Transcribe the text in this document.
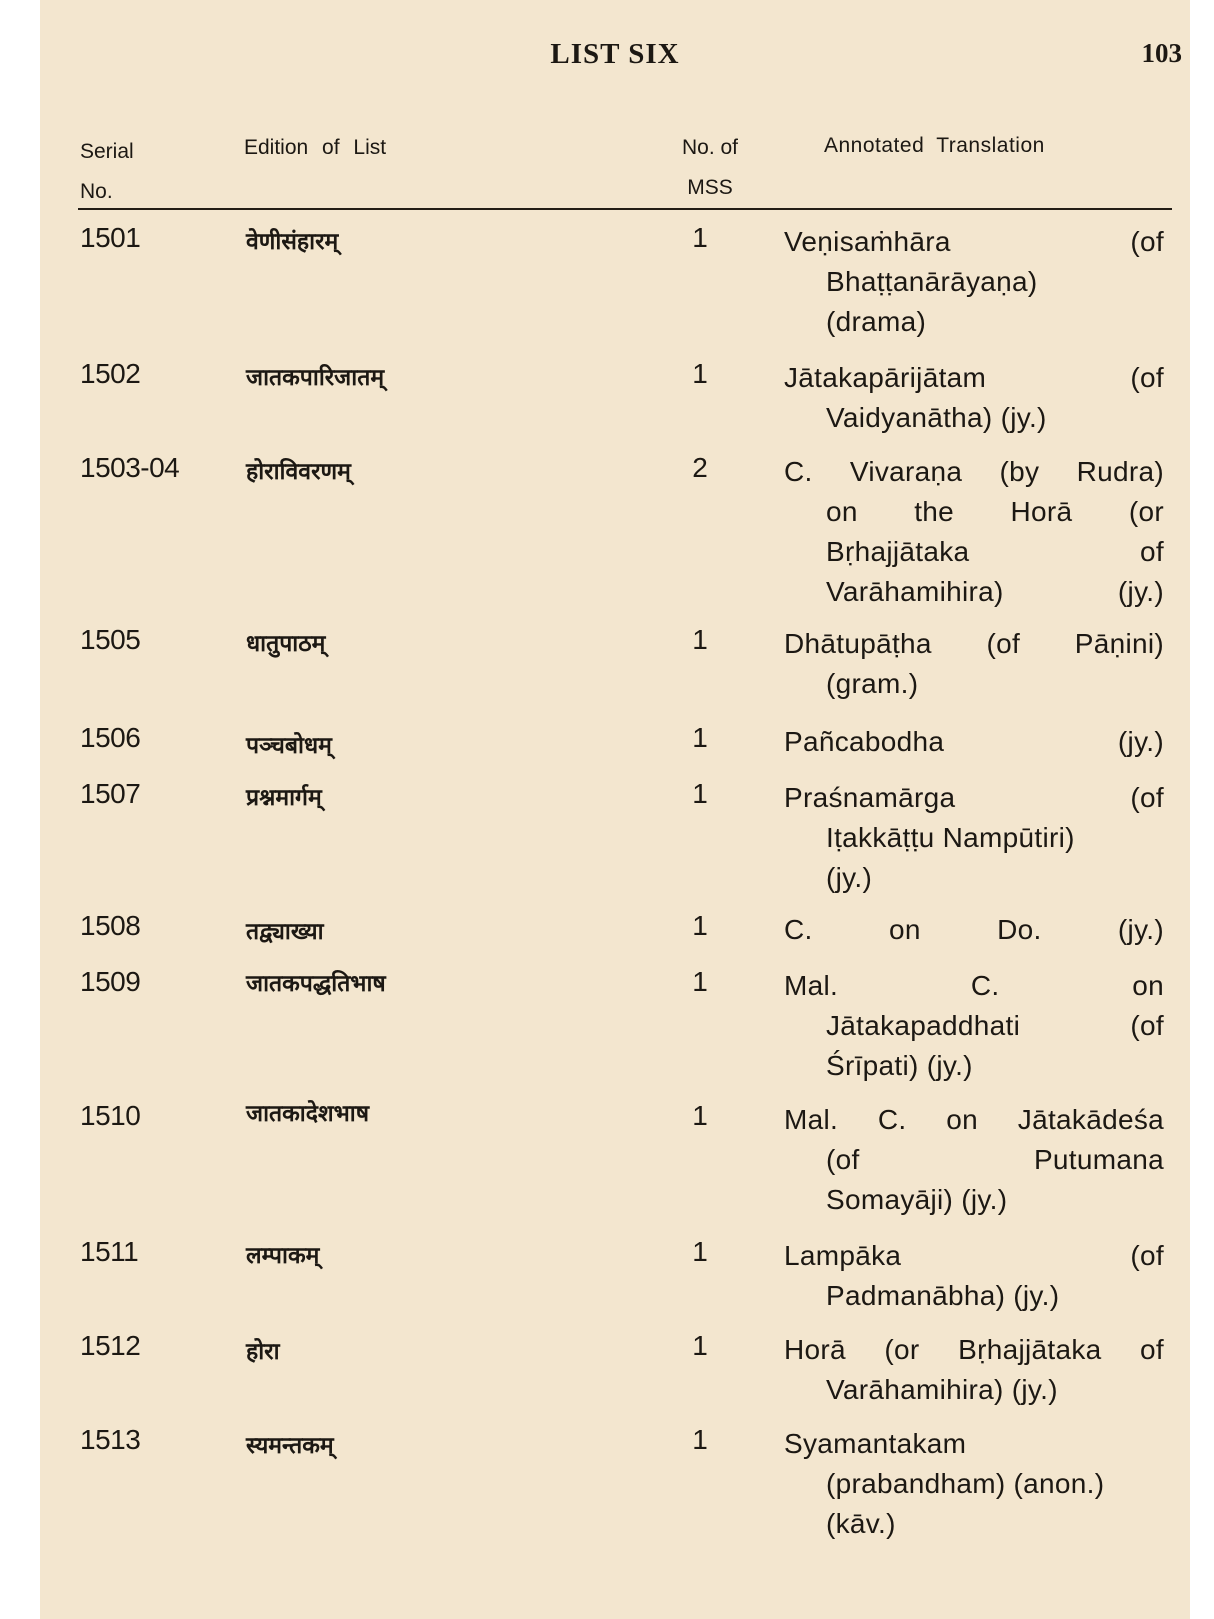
LIST SIX	103
Serial
No.
Edition of List	No. of
MSS
Annotated Translation
1501	वेणीसंहारम्	1	Veṇisaṁhāra (of
Bhaṭṭanārāyaṇa)
(drama)
1502	जातकपारिजातम्	1	Jātakapārijātam (of
Vaidyanātha) (jy.)
1503-04	होराविवरणम्	2	C. Vivaraṇa (by Rudra)
on the Horā (or
Bṛhajjātaka of
Varāhamihira) (jy.)
1505	धातुपाठम्	1	Dhātupāṭha (of Pāṇini)
(gram.)
1506	पञ्चबोधम्	1	Pañcabodha (jy.)
1507	प्रश्नमार्गम्	1	Praśnamārga (of
Iṭakkāṭṭu Nampūtiri)
(jy.)
1508	तद्व्याख्या	1	C. on Do. (jy.)
1509	जातकपद्धतिभाष	1	Mal. C. on
Jātakapaddhati (of
Śrīpati) (jy.)
1510	जातकादेशभाष	1	Mal. C. on Jātakādeśa
(of Putumana
Somayāji) (jy.)
1511	लम्पाकम्	1	Lampāka (of
Padmanābha) (jy.)
1512	होरा	1	Horā (or Bṛhajjātaka of
Varāhamihira) (jy.)
1513	स्यमन्तकम्	1	Syamantakam
(prabandham) (anon.)
(kāv.)
